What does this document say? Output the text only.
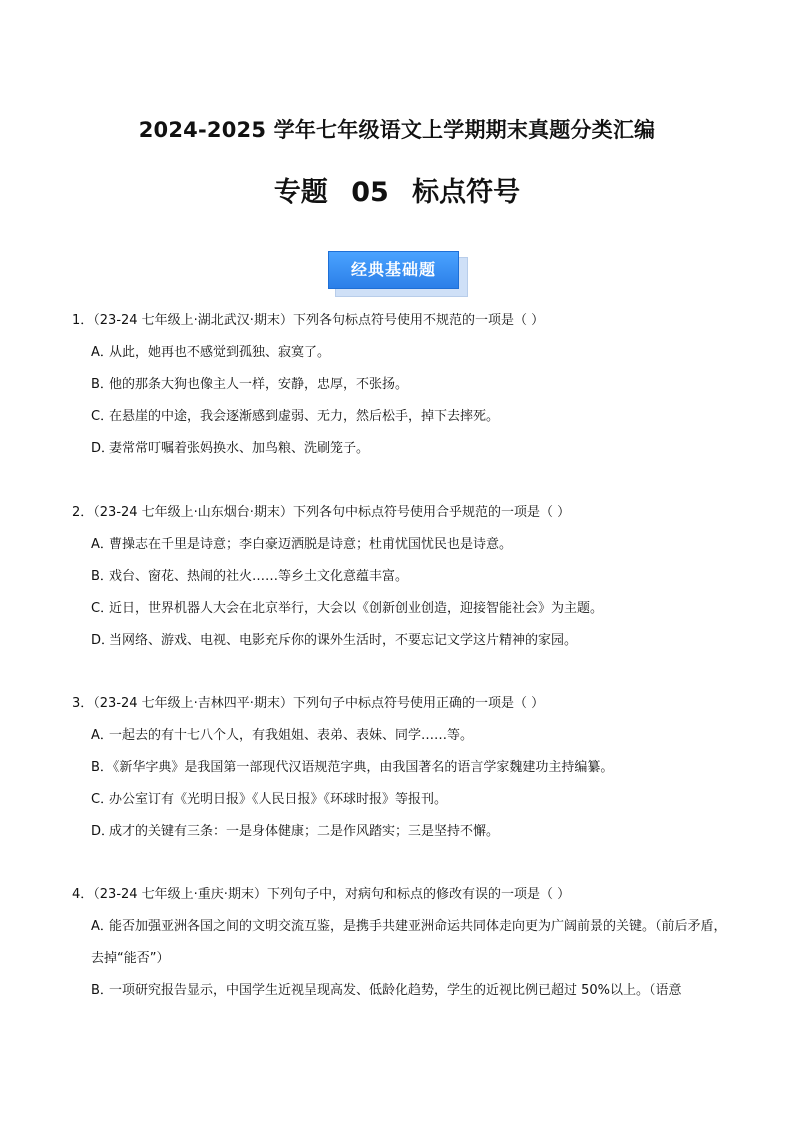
2024-2025 学年七年级语文上学期期末真题分类汇编
专题 05 标点符号
经典基础题
1．（23-24 七年级上·湖北武汉·期末）下列各句标点符号使用不规范的一项是（ ）
A．从此，她再也不感觉到孤独、寂寞了。
B．他的那条大狗也像主人一样，安静，忠厚，不张扬。
C．在悬崖的中途，我会逐渐感到虚弱、无力，然后松手，掉下去摔死。
D．妻常常叮嘱着张妈换水、加鸟粮、洗刷笼子。
2．（23-24 七年级上·山东烟台·期末）下列各句中标点符号使用合乎规范的一项是（ ）
A．曹操志在千里是诗意；李白豪迈洒脱是诗意；杜甫忧国忧民也是诗意。
B．戏台、窗花、热闹的社火……等乡土文化意蕴丰富。
C．近日，世界机器人大会在北京举行，大会以《创新创业创造，迎接智能社会》为主题。
D．当网络、游戏、电视、电影充斥你的课外生活时，不要忘记文学这片精神的家园。
3．（23-24 七年级上·吉林四平·期末）下列句子中标点符号使用正确的一项是（ ）
A．一起去的有十七八个人，有我姐姐、表弟、表妹、同学……等。
B．《新华字典》是我国第一部现代汉语规范字典，由我国著名的语言学家魏建功主持编纂。
C．办公室订有《光明日报》《人民日报》《环球时报》等报刊。
D．成才的关键有三条：一是身体健康；二是作风踏实；三是坚持不懈。
4．（23-24 七年级上·重庆·期末）下列句子中，对病句和标点的修改有误的一项是（ ）
A．能否加强亚洲各国之间的文明交流互鉴，是携手共建亚洲命运共同体走向更为广阔前景的关键。（前后矛盾，去掉“能否”）
B．一项研究报告显示，中国学生近视呈现高发、低龄化趋势，学生的近视比例已超过 50%以上。（语意
